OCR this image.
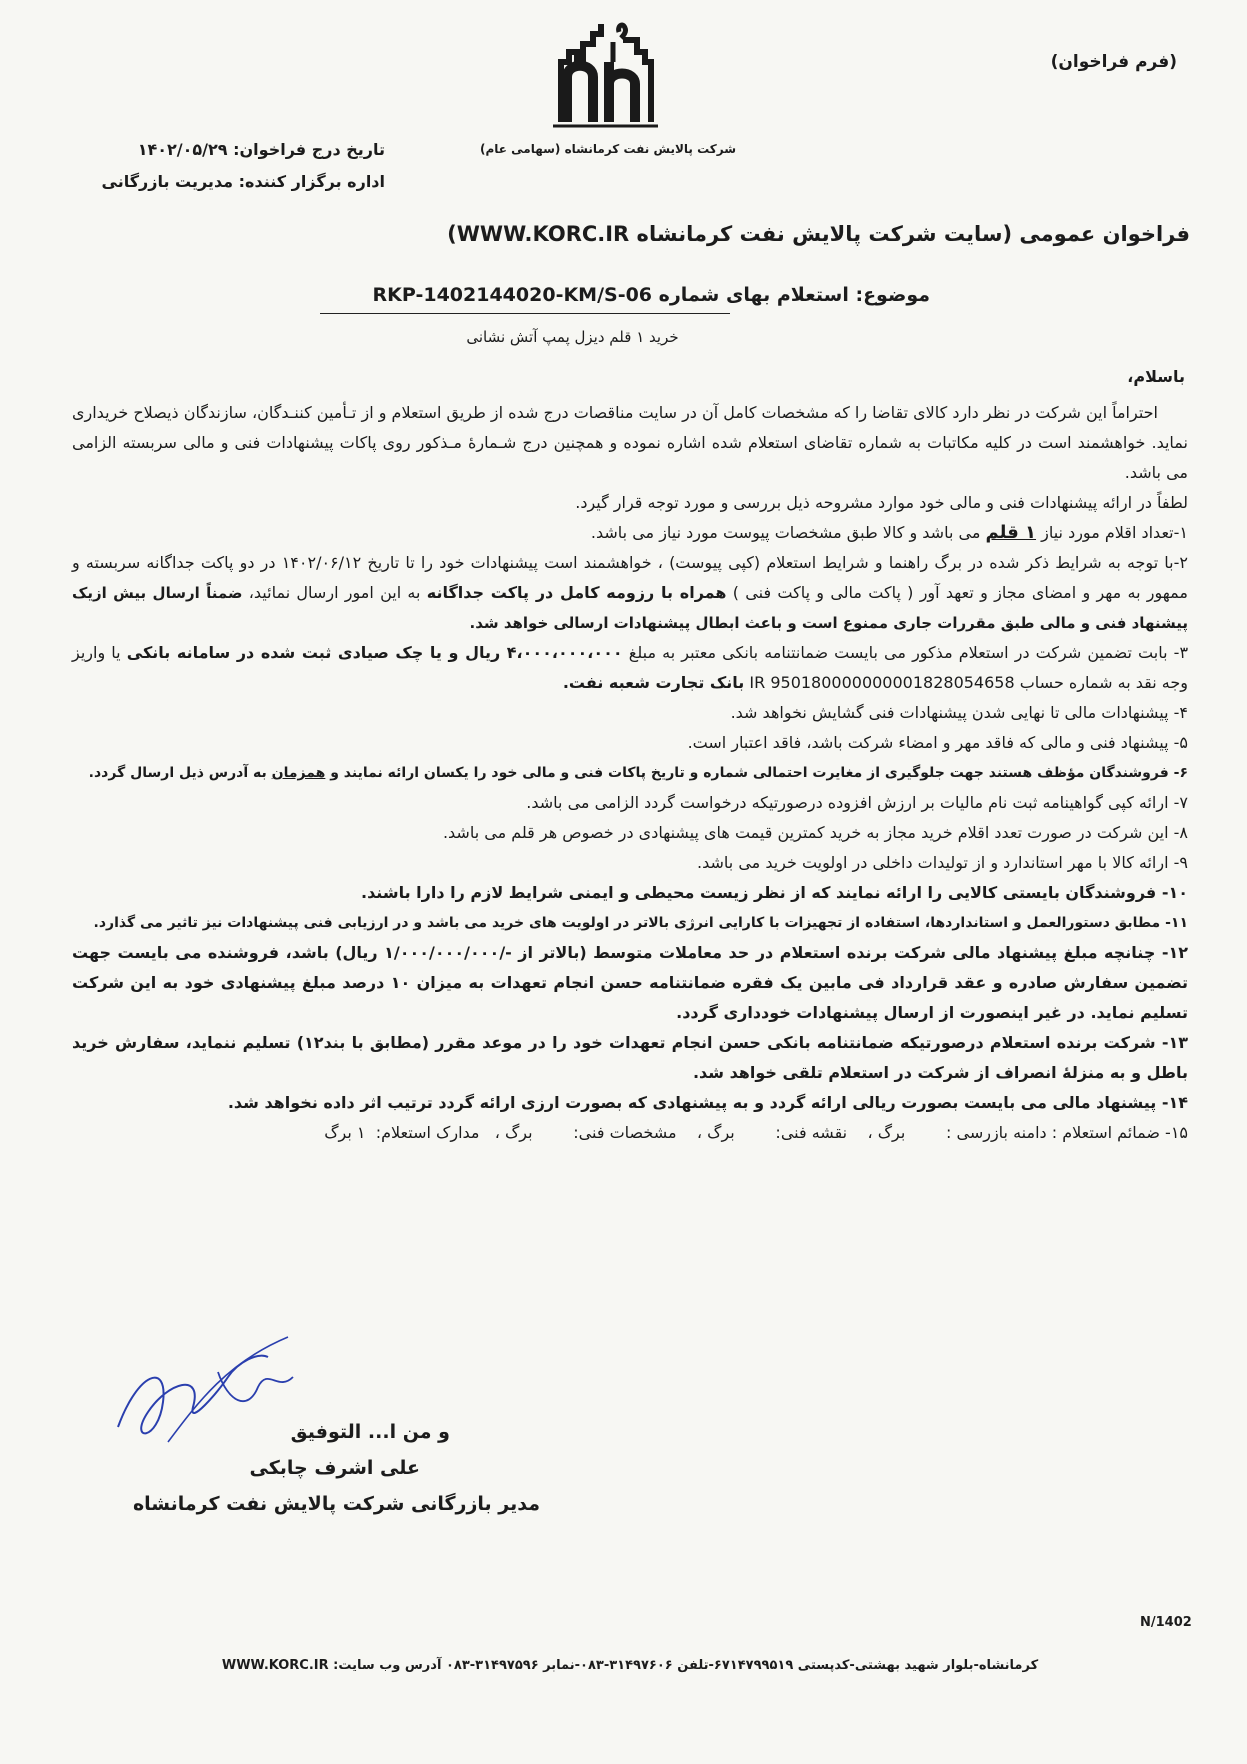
(فرم فراخوان)
شرکت پالایش نفت کرمانشاه (سهامی عام)
تاریخ درج فراخوان: ۱۴۰۲/۰۵/۲۹
اداره برگزار کننده: مدیریت بازرگانی
فراخوان عمومی (سایت شرکت پالایش نفت کرمانشاه WWW.KORC.IR)
موضوع: استعلام بهای شماره RKP-1402144020-KM/S-06
خرید ۱ قلم دیزل پمپ آتش نشانی
باسلام،

احتراماً این شرکت در نظر دارد کالای تقاضا را که مشخصات کامل آن در سایت مناقصات درج شده از طریق استعلام و از تـأمین کننـدگان، سازندگان ذیصلاح خریداری نماید. خواهشمند است در کلیه مکاتبات به شماره تقاضای استعلام شده اشاره نموده و همچنین درج شـمارۀ مـذکور روی پاکات پیشنهادات فنی و مالی سربسته الزامی می باشد.

لطفاً در ارائه پیشنهادات فنی و مالی خود موارد مشروحه ذیل بررسی و مورد توجه قرار گیرد.

۱-تعداد اقلام مورد نیاز ۱ قلم می باشد و کالا طبق مشخصات پیوست مورد نیاز می باشد.

۲-با توجه به شرایط ذکر شده در برگ راهنما و شرایط استعلام (کپی پیوست) ، خواهشمند است پیشنهادات خود را تا تاریخ ۱۴۰۲/۰۶/۱۲ در دو پاکت جداگانه سربسته و ممهور به مهر و امضای مجاز و تعهد آور ( پاکت مالی و پاکت فنی ) همراه با رزومه کامل در پاکت جداگانه به این امور ارسال نمائید، ضمناً ارسال بیش ازیک پیشنهاد فنی و مالی طبق مقررات جاری ممنوع است و باعث ابطال پیشنهادات ارسالی خواهد شد.

۳- بابت تضمین شرکت در استعلام مذکور می بایست ضمانتنامه بانکی معتبر به مبلغ ۴،۰۰۰،۰۰۰،۰۰۰ ریال و یا چک صیادی ثبت شده در سامانه بانکی یا واریز وجه نقد به شماره حساب IR 950180000000001828054658 بانک تجارت شعبه نفت.

۴- پیشنهادات مالی تا نهایی شدن پیشنهادات فنی گشایش نخواهد شد.

۵- پیشنهاد فنی و مالی که فاقد مهر و امضاء شرکت باشد، فاقد اعتبار است.

۶- فروشندگان مؤظف هستند جهت جلوگیری از مغایرت احتمالی شماره و تاریخ پاکات فنی و مالی خود را یکسان ارائه نمایند و همزمان به آدرس ذیل ارسال گردد.

۷- ارائه کپی گواهینامه ثبت نام مالیات بر ارزش افزوده درصورتیکه درخواست گردد الزامی می باشد.

۸- این شرکت در صورت تعدد اقلام خرید مجاز به خرید کمترین قیمت های پیشنهادی در خصوص هر قلم می باشد.

۹- ارائه کالا با مهر استاندارد و از تولیدات داخلی در اولویت خرید می باشد.

۱۰- فروشندگان بایستی کالایی را ارائه نمایند که از نظر زیست محیطی و ایمنی شرایط لازم را دارا باشند.

۱۱- مطابق دستورالعمل و استانداردها، استفاده از تجهیزات با کارایی انرژی بالاتر در اولویت های خرید می باشد و در ارزیابی فنی پیشنهادات نیز تاثیر می گذارد.

۱۲- چنانچه مبلغ پیشنهاد مالی شرکت برنده استعلام در حد معاملات متوسط (بالاتر از -/۱/۰۰۰/۰۰۰/۰۰۰ ریال) باشد، فروشنده می بایست جهت تضمین سفارش صادره و عقد قرارداد فی مابین یک فقره ضمانتنامه حسن انجام تعهدات به میزان ۱۰ درصد مبلغ پیشنهادی خود به این شرکت تسلیم نماید. در غیر اینصورت از ارسال پیشنهادات خودداری گردد.

۱۳- شرکت برنده استعلام درصورتیکه ضمانتنامه بانکی حسن انجام تعهدات خود را در موعد مقرر (مطابق با بند۱۲) تسلیم ننماید، سفارش خرید باطل و به منزلهٔ انصراف از شرکت در استعلام تلقی خواهد شد.

۱۴- پیشنهاد مالی می بایست بصورت ریالی ارائه گردد و به پیشنهادی که بصورت ارزی ارائه گردد ترتیب اثر داده نخواهد شد.

۱۵- ضمائم استعلام : دامنه بازرسی :        برگ ،    نقشه فنی:        برگ ،    مشخصات فنی:        برگ ،   مدارک استعلام:  ۱ برگ

و من ا... التوفیق
علی اشرف چابکی
مدیر بازرگانی شرکت پالایش نفت کرمانشاه
N/1402
کرمانشاه-بلوار شهید بهشتی-کدپستی ۶۷۱۴۷۹۹۵۱۹-تلفن ۳۱۴۹۷۶۰۶-۰۸۳-نمابر ۳۱۴۹۷۵۹۶-۰۸۳ آدرس وب سایت: WWW.KORC.IR
